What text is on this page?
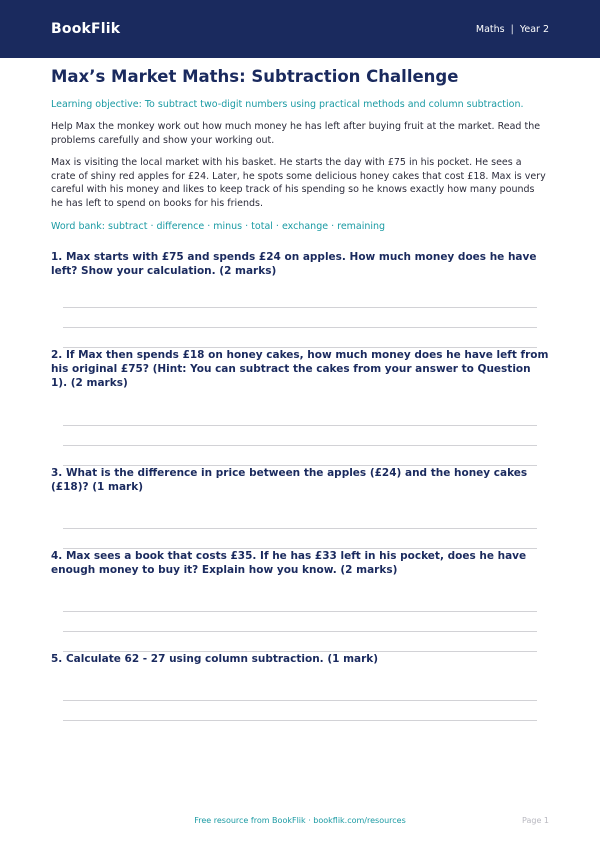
BookFlik	Maths | Year 2
Max’s Market Maths: Subtraction Challenge

Learning objective: To subtract two-digit numbers using practical methods and column subtraction.

Help Max the monkey work out how much money he has left after buying fruit at the market. Read the problems carefully and show your working out.

Max is visiting the local market with his basket. He starts the day with £75 in his pocket. He sees a crate of shiny red apples for £24. Later, he spots some delicious honey cakes that cost £18. Max is very careful with his money and likes to keep track of his spending so he knows exactly how many pounds he has left to spend on books for his friends.

Word bank: subtract · difference · minus · total · exchange · remaining

1. Max starts with £75 and spends £24 on apples. How much money does he have left? Show your calculation. (2 marks)

2. If Max then spends £18 on honey cakes, how much money does he have left from his original £75? (Hint: You can subtract the cakes from your answer to Question 1). (2 marks)

3. What is the difference in price between the apples (£24) and the honey cakes (£18)? (1 mark)

4. Max sees a book that costs £35. If he has £33 left in his pocket, does he have enough money to buy it? Explain how you know. (2 marks)

5. Calculate 62 - 27 using column subtraction. (1 mark)

Free resource from BookFlik · bookflik.com/resources	Page 1
